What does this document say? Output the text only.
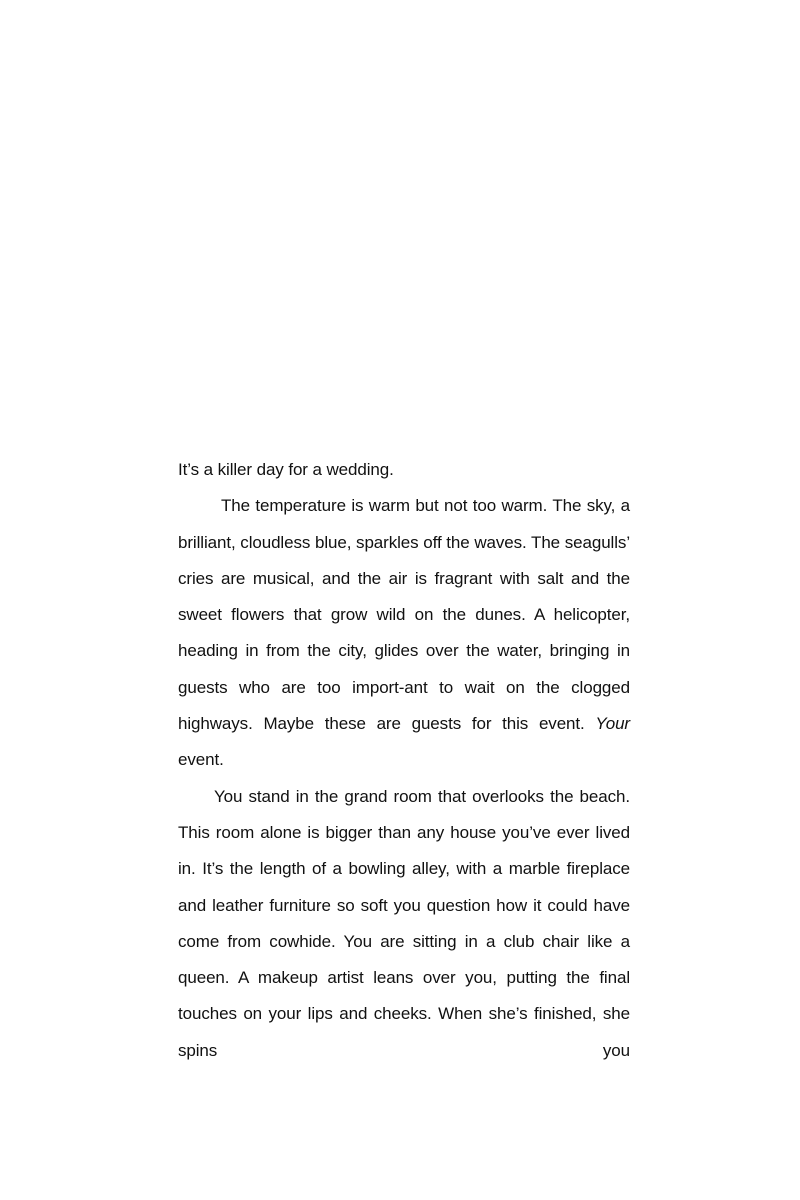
It’s a killer day for a wedding.

The temperature is warm but not too warm. The sky, a brilliant, cloudless blue, sparkles off the waves. The seagulls’ cries are musical, and the air is fragrant with salt and the sweet flowers that grow wild on the dunes. A helicopter, heading in from the city, glides over the water, bringing in guests who are too import-ant to wait on the clogged highways. Maybe these are guests for this event. Your event.

You stand in the grand room that overlooks the beach. This room alone is bigger than any house you’ve ever lived in. It’s the length of a bowling alley, with a marble fireplace and leather furniture so soft you question how it could have come from cowhide. You are sitting in a club chair like a queen. A makeup artist leans over you, putting the final touches on your lips and cheeks. When she’s finished, she spins you
